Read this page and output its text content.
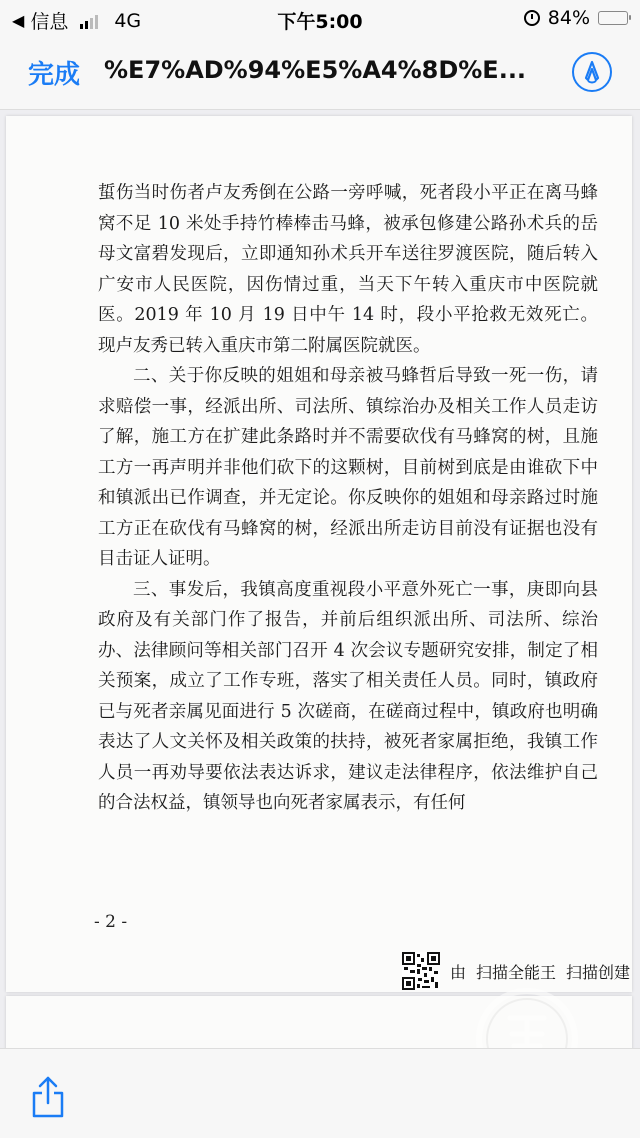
◀ 信息 4G	下午5:00	84%
完成 %E7%AD%94%E5%A4%8D%E...

蜇伤当时伤者卢友秀倒在公路一旁呼喊，死者段小平正在离马蜂窝不足 10 米处手持竹棒棒击马蜂，被承包修建公路孙术兵的岳母文富碧发现后，立即通知孙术兵开车送往罗渡医院，随后转入广安市人民医院，因伤情过重，当天下午转入重庆市中医院就医。2019 年 10 月 19 日中午 14 时，段小平抢救无效死亡。现卢友秀已转入重庆市第二附属医院就医。

二、关于你反映的姐姐和母亲被马蜂哲后导致一死一伤，请求赔偿一事，经派出所、司法所、镇综治办及相关工作人员走访了解，施工方在扩建此条路时并不需要砍伐有马蜂窝的树，且施工方一再声明并非他们砍下的这颗树，目前树到底是由谁砍下中和镇派出已作调查，并无定论。你反映你的姐姐和母亲路过时施工方正在砍伐有马蜂窝的树，经派出所走访目前没有证据也没有目击证人证明。

三、事发后，我镇高度重视段小平意外死亡一事，庚即向县政府及有关部门作了报告，并前后组织派出所、司法所、综治办、法律顾问等相关部门召开 4 次会议专题研究安排，制定了相关预案，成立了工作专班，落实了相关责任人员。同时，镇政府已与死者亲属见面进行 5 次磋商，在磋商过程中，镇政府也明确表达了人文关怀及相关政策的扶持，被死者家属拒绝，我镇工作人员一再劝导要依法表达诉求，建议走法律程序，依法维护自己的合法权益，镇领导也向死者家属表示，有任何

- 2 -
由 扫描全能王 扫描创建
